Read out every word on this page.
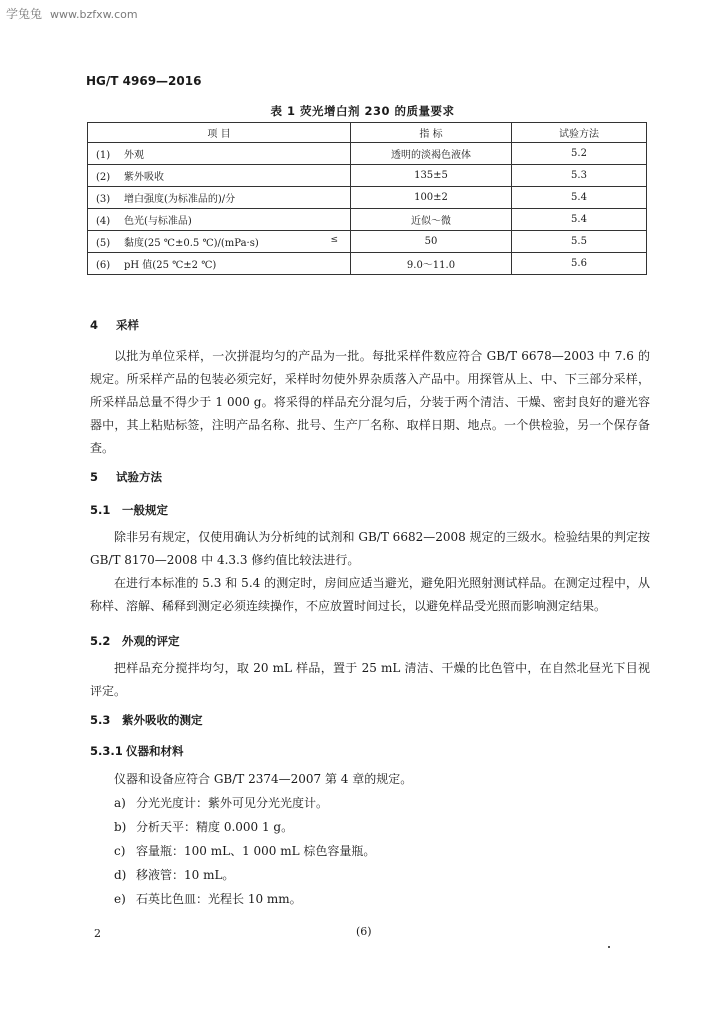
学兔兔 www.bzfxw.com
HG/T 4969—2016
表 1 荧光增白剂 230 的质量要求
项 目	指 标	试验方法
(1) 外观	透明的淡褐色液体	5.2
(2) 紫外吸收	135±5	5.3
(3) 增白强度(为标准品的)/分	100±2	5.4
(4) 色光(与标准品)	近似～微	5.4
(5) 黏度(25 ℃±0.5 ℃)/(mPa·s) ≤	50	5.5
(6) pH 值(25 ℃±2 ℃)	9.0～11.0	5.6
4 采样

以批为单位采样，一次拼混均匀的产品为一批。每批采样件数应符合 GB/T 6678—2003 中 7.6 的规定。所采样产品的包装必须完好，采样时勿使外界杂质落入产品中。用探管从上、中、下三部分采样，所采样品总量不得少于 1 000 g。将采得的样品充分混匀后，分装于两个清洁、干燥、密封良好的避光容器中，其上粘贴标签，注明产品名称、批号、生产厂名称、取样日期、地点。一个供检验，另一个保存备查。

5 试验方法
5.1 一般规定

除非另有规定，仅使用确认为分析纯的试剂和 GB/T 6682—2008 规定的三级水。检验结果的判定按 GB/T 8170—2008 中 4.3.3 修约值比较法进行。

在进行本标准的 5.3 和 5.4 的测定时，房间应适当避光，避免阳光照射测试样品。在测定过程中，从称样、溶解、稀释到测定必须连续操作，不应放置时间过长，以避免样品受光照而影响测定结果。

5.2 外观的评定

把样品充分搅拌均匀，取 20 mL 样品，置于 25 mL 清洁、干燥的比色管中，在自然北昼光下目视评定。

5.3 紫外吸收的测定
5.3.1 仪器和材料
仪器和设备应符合 GB/T 2374—2007 第 4 章的规定。
a) 分光光度计：紫外可见分光光度计。
b) 分析天平：精度 0.000 1 g。
c) 容量瓶：100 mL、1 000 mL 棕色容量瓶。
d) 移液管：10 mL。
e) 石英比色皿：光程长 10 mm。
2	(6)
